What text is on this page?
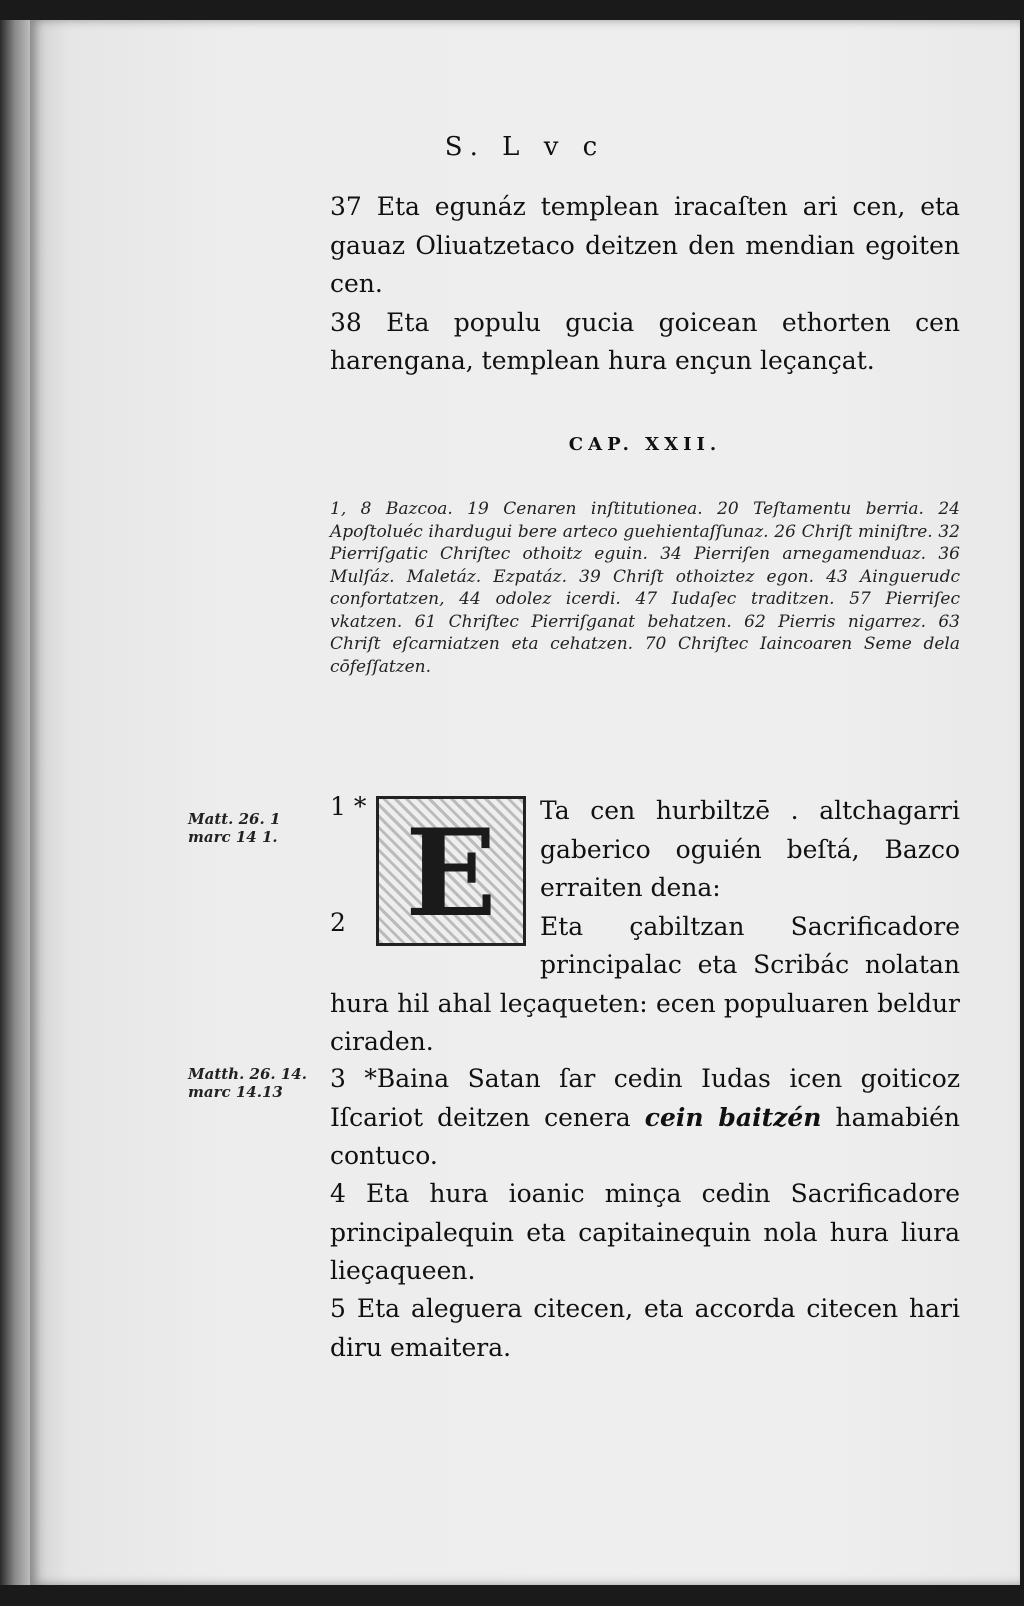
S. L v c

37 Eta egunáz templean iracaſten ari cen, eta gauaz Oliuatzetaco deitzen den mendian egoiten cen.

38 Eta populu gucia goicean ethorten cen harengana, templean hura ençun leçançat.

CAP. XXII.
1, 8 Bazcoa. 19 Cenaren inſtitutionea. 20 Teſtamentu berria. 24 Apoſtoluéc ihardugui bere arteco guehientaſſunaz. 26 Chriſt miniſtre. 32 Pierriſgatic Chriſtec othoitz eguin. 34 Pierriſen arnegamenduaz. 36 Mulſáz. Maletáz. Ezpatáz. 39 Chriſt othoiztez egon. 43 Ainguerudc confortatzen, 44 odolez icerdi. 47 Iudaſec traditzen. 57 Pierriſec vkatzen. 61 Chriſtec Pierriſganat behatzen. 62 Pierris nigarrez. 63 Chriſt eſcarniatzen eta cehatzen. 70 Chriſtec Iaincoaren Seme dela cōfeſſatzen.
Matt. 26. 1 marc 14 1.
Matth. 26. 14. marc 14.13
1 *
2 E	Ta cen hurbiltzē . altchagarri gaberico oguién beſtá, Bazco erraiten dena:

Eta çabiltzan Sacrificadore principalac eta Scribác nolatan hura hil ahal leçaqueten: ecen populuaren beldur ciraden.

3 *Baina Satan ſar cedin Iudas icen goiticoz Iſcariot deitzen cenera cein baitzén hamabién contuco.

4 Eta hura ioanic minça cedin Sacrificadore principalequin eta capitainequin nola hura liura lieçaqueen.
5 Eta aleguera citecen, eta accorda citecen hari diru emaitera.
